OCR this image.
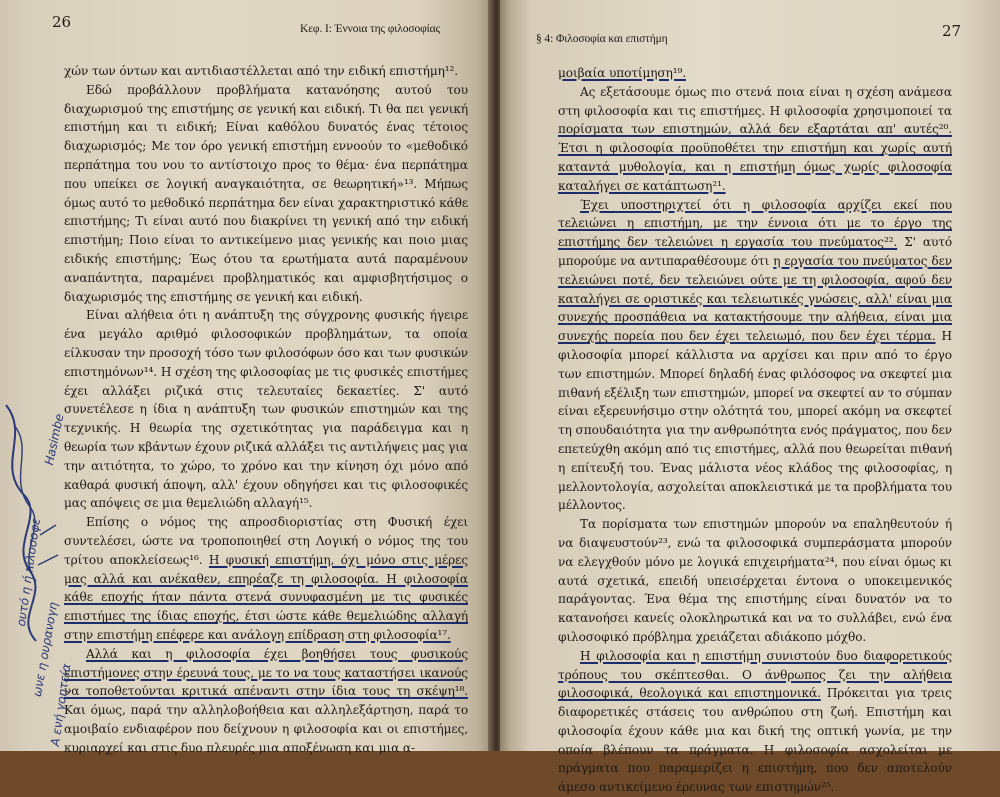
26	Κεφ. Ι: Έννοια της φιλοσοφίας

χών των όντων και αντιδιαστέλλεται από την ειδική επιστήμη¹².

Εδώ προβάλλουν προβλήματα κατανόησης αυτού του διαχωρισμού της επιστήμης σε γενική και ειδική. Τι θα πει γενική επιστήμη και τι ειδική; Είναι καθόλου δυνατός ένας τέτοιος διαχωρισμός; Με τον όρο γενική επιστήμη εννοούν το «μεθοδικό περπάτημα του νου το αντίστοιχο προς το θέμα· ένα περπάτημα που υπείκει σε λογική αναγκαιότητα, σε θεωρητική»¹³. Μήπως όμως αυτό το μεθοδικό περπάτημα δεν είναι χαρακτηριστικό κάθε επιστήμης; Τι είναι αυτό που διακρίνει τη γενική από την ειδική επιστήμη; Ποιο είναι το αντικείμενο μιας γενικής και ποιο μιας ειδικής επιστήμης; Έως ότου τα ερωτήματα αυτά παραμένουν αναπάντητα, παραμένει προβληματικός και αμφισβητήσιμος ο διαχωρισμός της επιστήμης σε γενική και ειδική.

Είναι αλήθεια ότι η ανάπτυξη της σύγχρονης φυσικής ήγειρε ένα μεγάλο αριθμό φιλοσοφικών προβλημάτων, τα οποία είλκυσαν την προσοχή τόσο των φιλοσόφων όσο και των φυσικών επιστημόνων¹⁴. Η σχέση της φιλοσοφίας με τις φυσικές επιστήμες έχει αλλάξει ριζικά στις τελευταίες δεκαετίες. Σ' αυτό συνετέλεσε η ίδια η ανάπτυξη των φυσικών επιστημών και της τεχνικής. Η θεωρία της σχετικότητας για παράδειγμα και η θεωρία των κβάντων έχουν ριζικά αλλάξει τις αντιλήψεις μας για την αιτιότητα, το χώρο, το χρόνο και την κίνηση όχι μόνο από καθαρά φυσική άποψη, αλλ' έχουν οδηγήσει και τις φιλοσοφικές μας απόψεις σε μια θεμελιώδη αλλαγή¹⁵.

Επίσης ο νόμος της απροσδιοριστίας στη Φυσική έχει συντελέσει, ώστε να τροποποιηθεί στη Λογική ο νόμος της του τρίτου αποκλείσεως¹⁶. Η φυσική επιστήμη, όχι μόνο στις μέρες μας αλλά και ανέκαθεν, επηρέαζε τη φιλοσοφία. Η φιλοσοφία κάθε εποχής ήταν πάντα στενά συνυφασμένη με τις φυσικές επιστήμες της ίδιας εποχής, έτσι ώστε κάθε θεμελιώδης αλλαγή στην επιστήμη επέφερε και ανάλογη επίδραση στη φιλοσοφία¹⁷.

Αλλά και η φιλοσοφία έχει βοηθήσει τους φυσικούς επιστήμονες στην έρευνά τους, με το να τους καταστήσει ικανούς να τοποθετούνται κριτικά απέναντι στην ίδια τους τη σκέψη¹⁸. Και όμως, παρά την αλληλοβοήθεια και αλληλεξάρτηση, παρά το αμοιβαίο ενδιαφέρον που δείχνουν η φιλοσοφία και οι επιστήμες, κυριαρχεί και στις δυο πλευρές μια αποξένωση και μια α-

Hasimbe
ουτό η ή πιλοσοφε
ωνε η ουρανογη
Α ενή γοητεία
§ 4: Φιλοσοφία και επιστήμη	27

μοιβαία υποτίμηση¹⁹.

Ας εξετάσουμε όμως πιο στενά ποια είναι η σχέση ανάμεσα στη φιλοσοφία και τις επιστήμες. Η φιλοσοφία χρησιμοποιεί τα πορίσματα των επιστημών, αλλά δεν εξαρτάται απ' αυτές²⁰. Έτσι η φιλοσοφία προϋποθέτει την επιστήμη και χωρίς αυτή καταντά μυθολογία, και η επιστήμη όμως χωρίς φιλοσοφία καταλήγει σε κατάπτωση²¹.

Έχει υποστηριχτεί ότι η φιλοσοφία αρχίζει εκεί που τελειώνει η επιστήμη, με την έννοια ότι με το έργο της επιστήμης δεν τελειώνει η εργασία του πνεύματος²². Σ' αυτό μπορούμε να αντιπαραθέσουμε ότι η εργασία του πνεύματος δεν τελειώνει ποτέ, δεν τελειώνει ούτε με τη φιλοσοφία, αφού δεν καταλήγει σε οριστικές και τελειωτικές γνώσεις, αλλ' είναι μια συνεχής προσπάθεια να κατακτήσουμε την αλήθεια, είναι μια συνεχής πορεία που δεν έχει τελειωμό, που δεν έχει τέρμα. Η φιλοσοφία μπορεί κάλλιστα να αρχίσει και πριν από το έργο των επιστημών. Μπορεί δηλαδή ένας φιλόσοφος να σκεφτεί μια πιθανή εξέλιξη των επιστημών, μπορεί να σκεφτεί αν το σύμπαν είναι εξερευνήσιμο στην ολότητά του, μπορεί ακόμη να σκεφτεί τη σπουδαιότητα για την ανθρωπότητα ενός πράγματος, που δεν επετεύχθη ακόμη από τις επιστήμες, αλλά που θεωρείται πιθανή η επίτευξή του. Ένας μάλιστα νέος κλάδος της φιλοσοφίας, η μελλοντολογία, ασχολείται αποκλειστικά με τα προβλήματα του μέλλοντος.

Τα πορίσματα των επιστημών μπορούν να επαληθευτούν ή να διαψευστούν²³, ενώ τα φιλοσοφικά συμπεράσματα μπορούν να ελεγχθούν μόνο με λογικά επιχειρήματα²⁴, που είναι όμως κι αυτά σχετικά, επειδή υπεισέρχεται έντονα ο υποκειμενικός παράγοντας. Ένα θέμα της επιστήμης είναι δυνατόν να το κατανοήσει κανείς ολοκληρωτικά και να το συλλάβει, ενώ ένα φιλοσοφικό πρόβλημα χρειάζεται αδιάκοπο μόχθο.

Η φιλοσοφία και η επιστήμη συνιστούν δυο διαφορετικούς τρόπους του σκέπτεσθαι. Ο άνθρωπος ζει την αλήθεια φιλοσοφικά, θεολογικά και επιστημονικά. Πρόκειται για τρεις διαφορετικές στάσεις του ανθρώπου στη ζωή. Επιστήμη και φιλοσοφία έχουν κάθε μια και δική της οπτική γωνία, με την οποία βλέπουν τα πράγματα. Η φιλοσοφία ασχολείται με πράγματα που παραμερίζει η επιστήμη, που δεν αποτελούν άμεσο αντικείμενο έρευνας των επιστημών²⁵.
